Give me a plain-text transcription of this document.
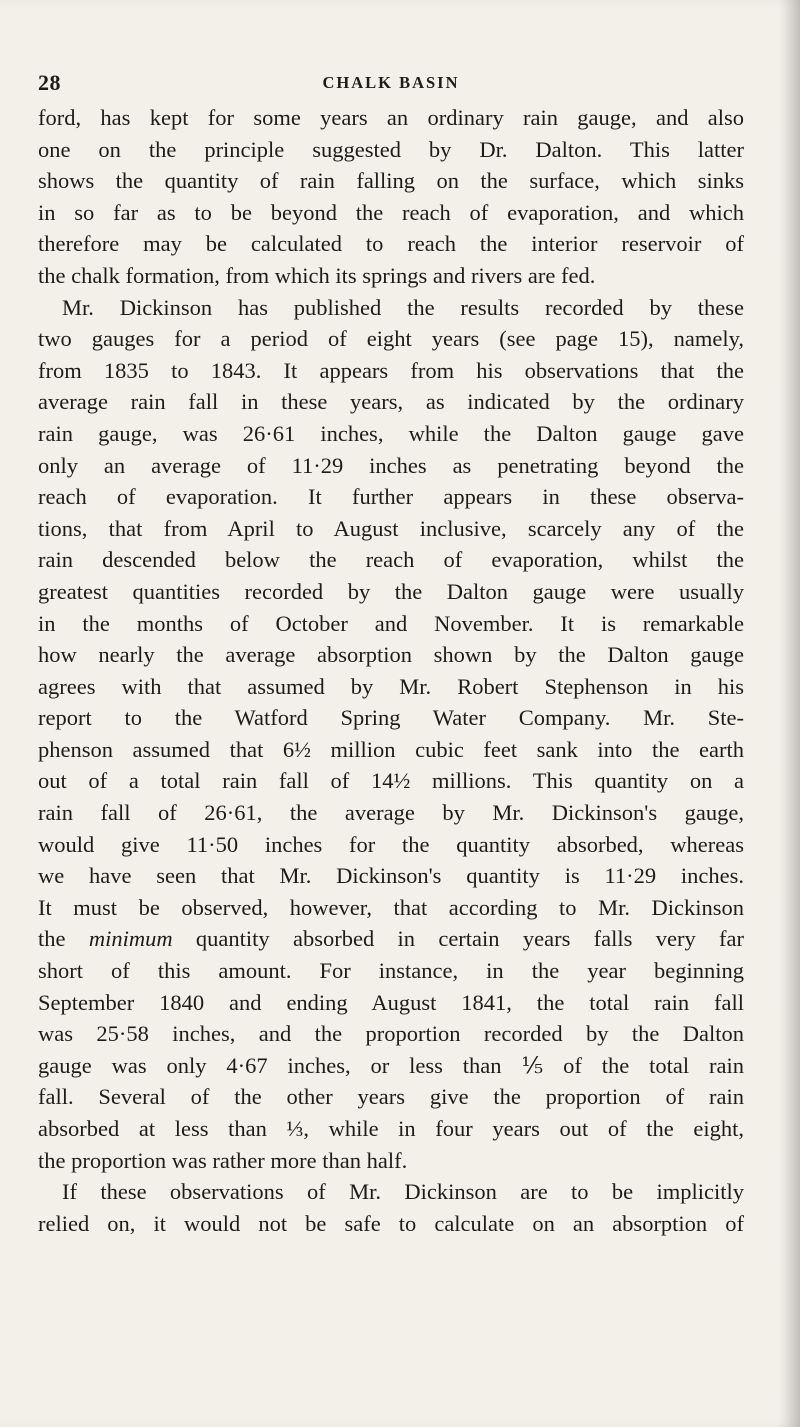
28	CHALK BASIN
ford, has kept for some years an ordinary rain gauge, and also
one on the principle suggested by Dr. Dalton. This latter
shows the quantity of rain falling on the surface, which sinks
in so far as to be beyond the reach of evaporation, and which
therefore may be calculated to reach the interior reservoir of
the chalk formation, from which its springs and rivers are fed.
Mr. Dickinson has published the results recorded by these
two gauges for a period of eight years (see page 15), namely,
from 1835 to 1843. It appears from his observations that the
average rain fall in these years, as indicated by the ordinary
rain gauge, was 26·61 inches, while the Dalton gauge gave
only an average of 11·29 inches as penetrating beyond the
reach of evaporation. It further appears in these observa-
tions, that from April to August inclusive, scarcely any of the
rain descended below the reach of evaporation, whilst the
greatest quantities recorded by the Dalton gauge were usually
in the months of October and November. It is remarkable
how nearly the average absorption shown by the Dalton gauge
agrees with that assumed by Mr. Robert Stephenson in his
report to the Watford Spring Water Company. Mr. Ste-
phenson assumed that 6½ million cubic feet sank into the earth
out of a total rain fall of 14½ millions. This quantity on a
rain fall of 26·61, the average by Mr. Dickinson's gauge,
would give 11·50 inches for the quantity absorbed, whereas
we have seen that Mr. Dickinson's quantity is 11·29 inches.
It must be observed, however, that according to Mr. Dickinson
the minimum quantity absorbed in certain years falls very far
short of this amount. For instance, in the year beginning
September 1840 and ending August 1841, the total rain fall
was 25·58 inches, and the proportion recorded by the Dalton
gauge was only 4·67 inches, or less than ⅕ of the total rain
fall. Several of the other years give the proportion of rain
absorbed at less than ⅓, while in four years out of the eight,
the proportion was rather more than half.
If these observations of Mr. Dickinson are to be implicitly
relied on, it would not be safe to calculate on an absorption of
